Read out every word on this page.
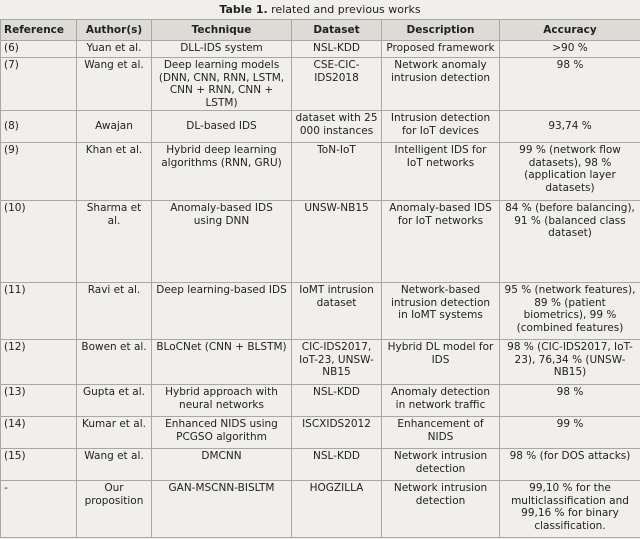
Table 1. related and previous works
Reference	Author(s)	Technique	Dataset	Description	Accuracy
(6)	Yuan et al.	DLL-IDS system	NSL-KDD	Proposed framework	>90 %
(7)	Wang et al.	Deep learning models (DNN, CNN, RNN, LSTM, CNN + RNN, CNN + LSTM)	CSE-CIC-IDS2018	Network anomaly intrusion detection	98 %
(8)	Awajan	DL-based IDS	dataset with 25 000 instances	Intrusion detection for IoT devices	93,74 %
(9)	Khan et al.	Hybrid deep learning algorithms (RNN, GRU)	ToN-IoT	Intelligent IDS for IoT networks	99 % (network flow datasets), 98 % (application layer datasets)
(10)	Sharma et al.	Anomaly-based IDS using DNN	UNSW-NB15	Anomaly-based IDS for IoT networks	84 % (before balancing), 91 % (balanced class dataset)
(11)	Ravi et al.	Deep learning-based IDS	IoMT intrusion dataset	Network-based intrusion detection in IoMT systems	95 % (network features), 89 % (patient biometrics), 99 % (combined features)
(12)	Bowen et al.	BLoCNet (CNN + BLSTM)	CIC-IDS2017, IoT-23, UNSW-NB15	Hybrid DL model for IDS	98 % (CIC-IDS2017, IoT-23), 76,34 % (UNSW-NB15)
(13)	Gupta et al.	Hybrid approach with neural networks	NSL-KDD	Anomaly detection in network traffic	98 %
(14)	Kumar et al.	Enhanced NIDS using PCGSO algorithm	ISCXIDS2012	Enhancement of NIDS	99 %
(15)	Wang et al.	DMCNN	NSL-KDD	Network intrusion detection	98 % (for DOS attacks)
-	Our proposition	GAN-MSCNN-BISLTM	HOGZILLA	Network intrusion detection	99,10 % for the multiclassification and 99,16 % for binary classification.
